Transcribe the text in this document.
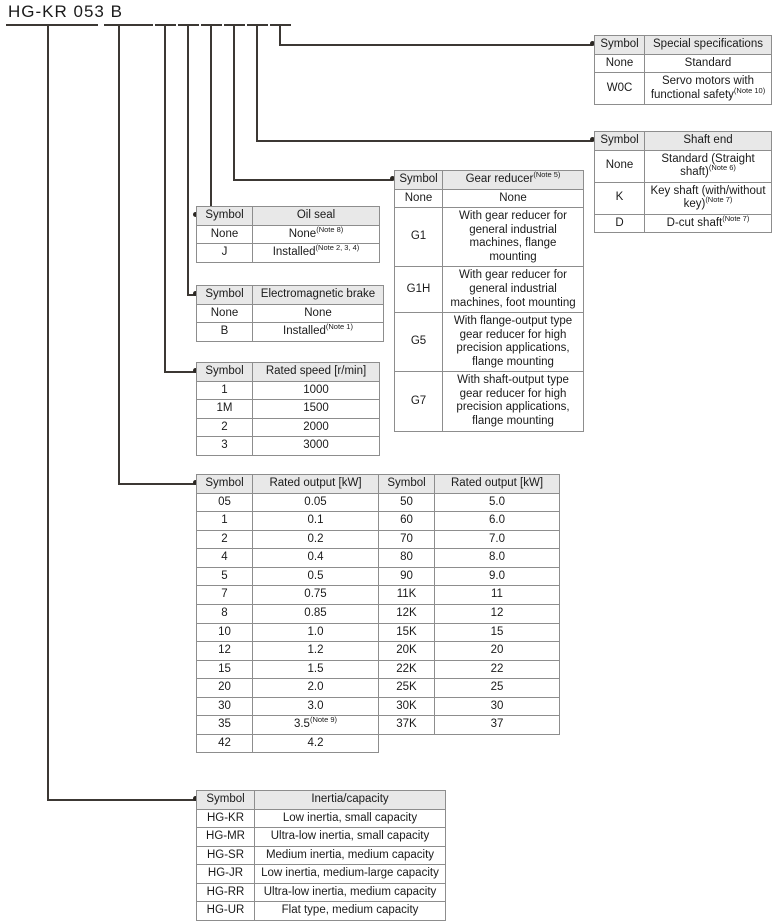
HG-KR 053 B
Symbol	Special specifications
None	Standard
W0C	Servo motors with functional safety$^{(Note 10)}$
Symbol	Shaft end
None	Standard (Straight shaft)$^{(Note 6)}$
K	Key shaft (with/without key)$^{(Note 7)}$
D	D-cut shaft$^{(Note 7)}$
Symbol	Gear reducer$^{(Note 5)}$
None	None
G1	With gear reducer for general industrial machines, flange mounting
G1H	With gear reducer for general industrial machines, foot mounting
G5	With flange-output type gear reducer for high precision applications, flange mounting
G7	With shaft-output type gear reducer for high precision applications, flange mounting
Symbol	Oil seal
None	None$^{(Note 8)}$
J	Installed$^{(Note 2, 3, 4)}$
Symbol	Electromagnetic brake
None	None
B	Installed$^{(Note 1)}$
Symbol	Rated speed [r/min]
1	1000
1M	1500
2	2000
3	3000
Symbol	Rated output [kW]	Symbol	Rated output [kW]
05	0.05	50	5.0
1	0.1	60	6.0
2	0.2	70	7.0
4	0.4	80	8.0
5	0.5	90	9.0
7	0.75	11K	11
8	0.85	12K	12
10	1.0	15K	15
12	1.2	20K	20
15	1.5	22K	22
20	2.0	25K	25
30	3.0	30K	30
35	$3.5^{(Note 9)}$	37K	37
42	4.2		
Symbol	Inertia/capacity
HG-KR	Low inertia, small capacity
HG-MR	Ultra-low inertia, small capacity
HG-SR	Medium inertia, medium capacity
HG-JR	Low inertia, medium-large capacity
HG-RR	Ultra-low inertia, medium capacity
HG-UR	Flat type, medium capacity
